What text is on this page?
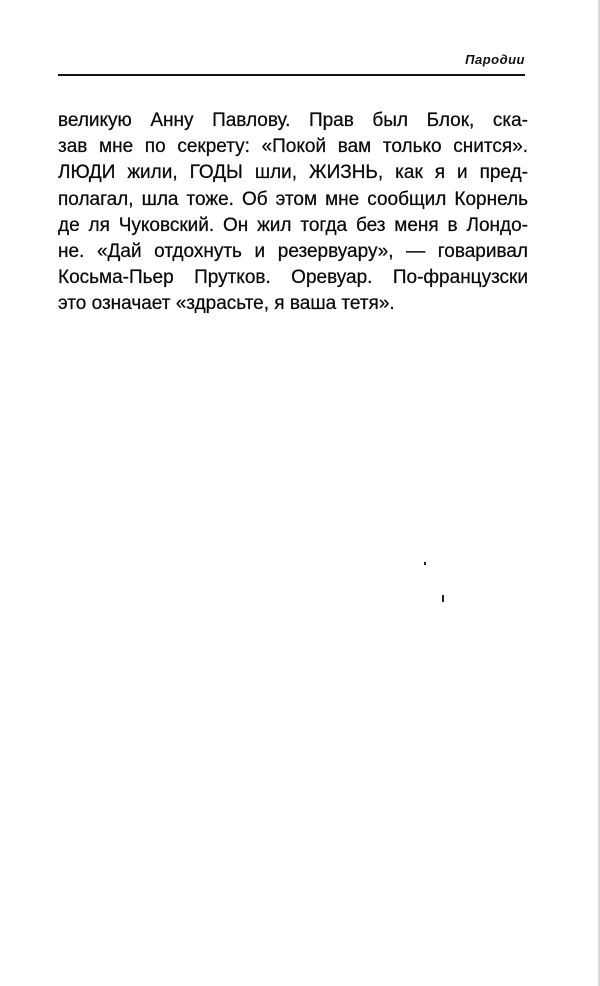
Пародии
великую Анну Павлову. Прав был Блок, ска-
зав мне по секрету: «Покой вам только снится».
ЛЮДИ жили, ГОДЫ шли, ЖИЗНЬ, как я и пред-
полагал, шла тоже. Об этом мне сообщил Корнель
де ля Чуковский. Он жил тогда без меня в Лондо-
не. «Дай отдохнуть и резервуару», — говаривал
Косьма-Пьер Прутков. Оревуар. По-французски
это означает «здрасьте, я ваша тетя».
